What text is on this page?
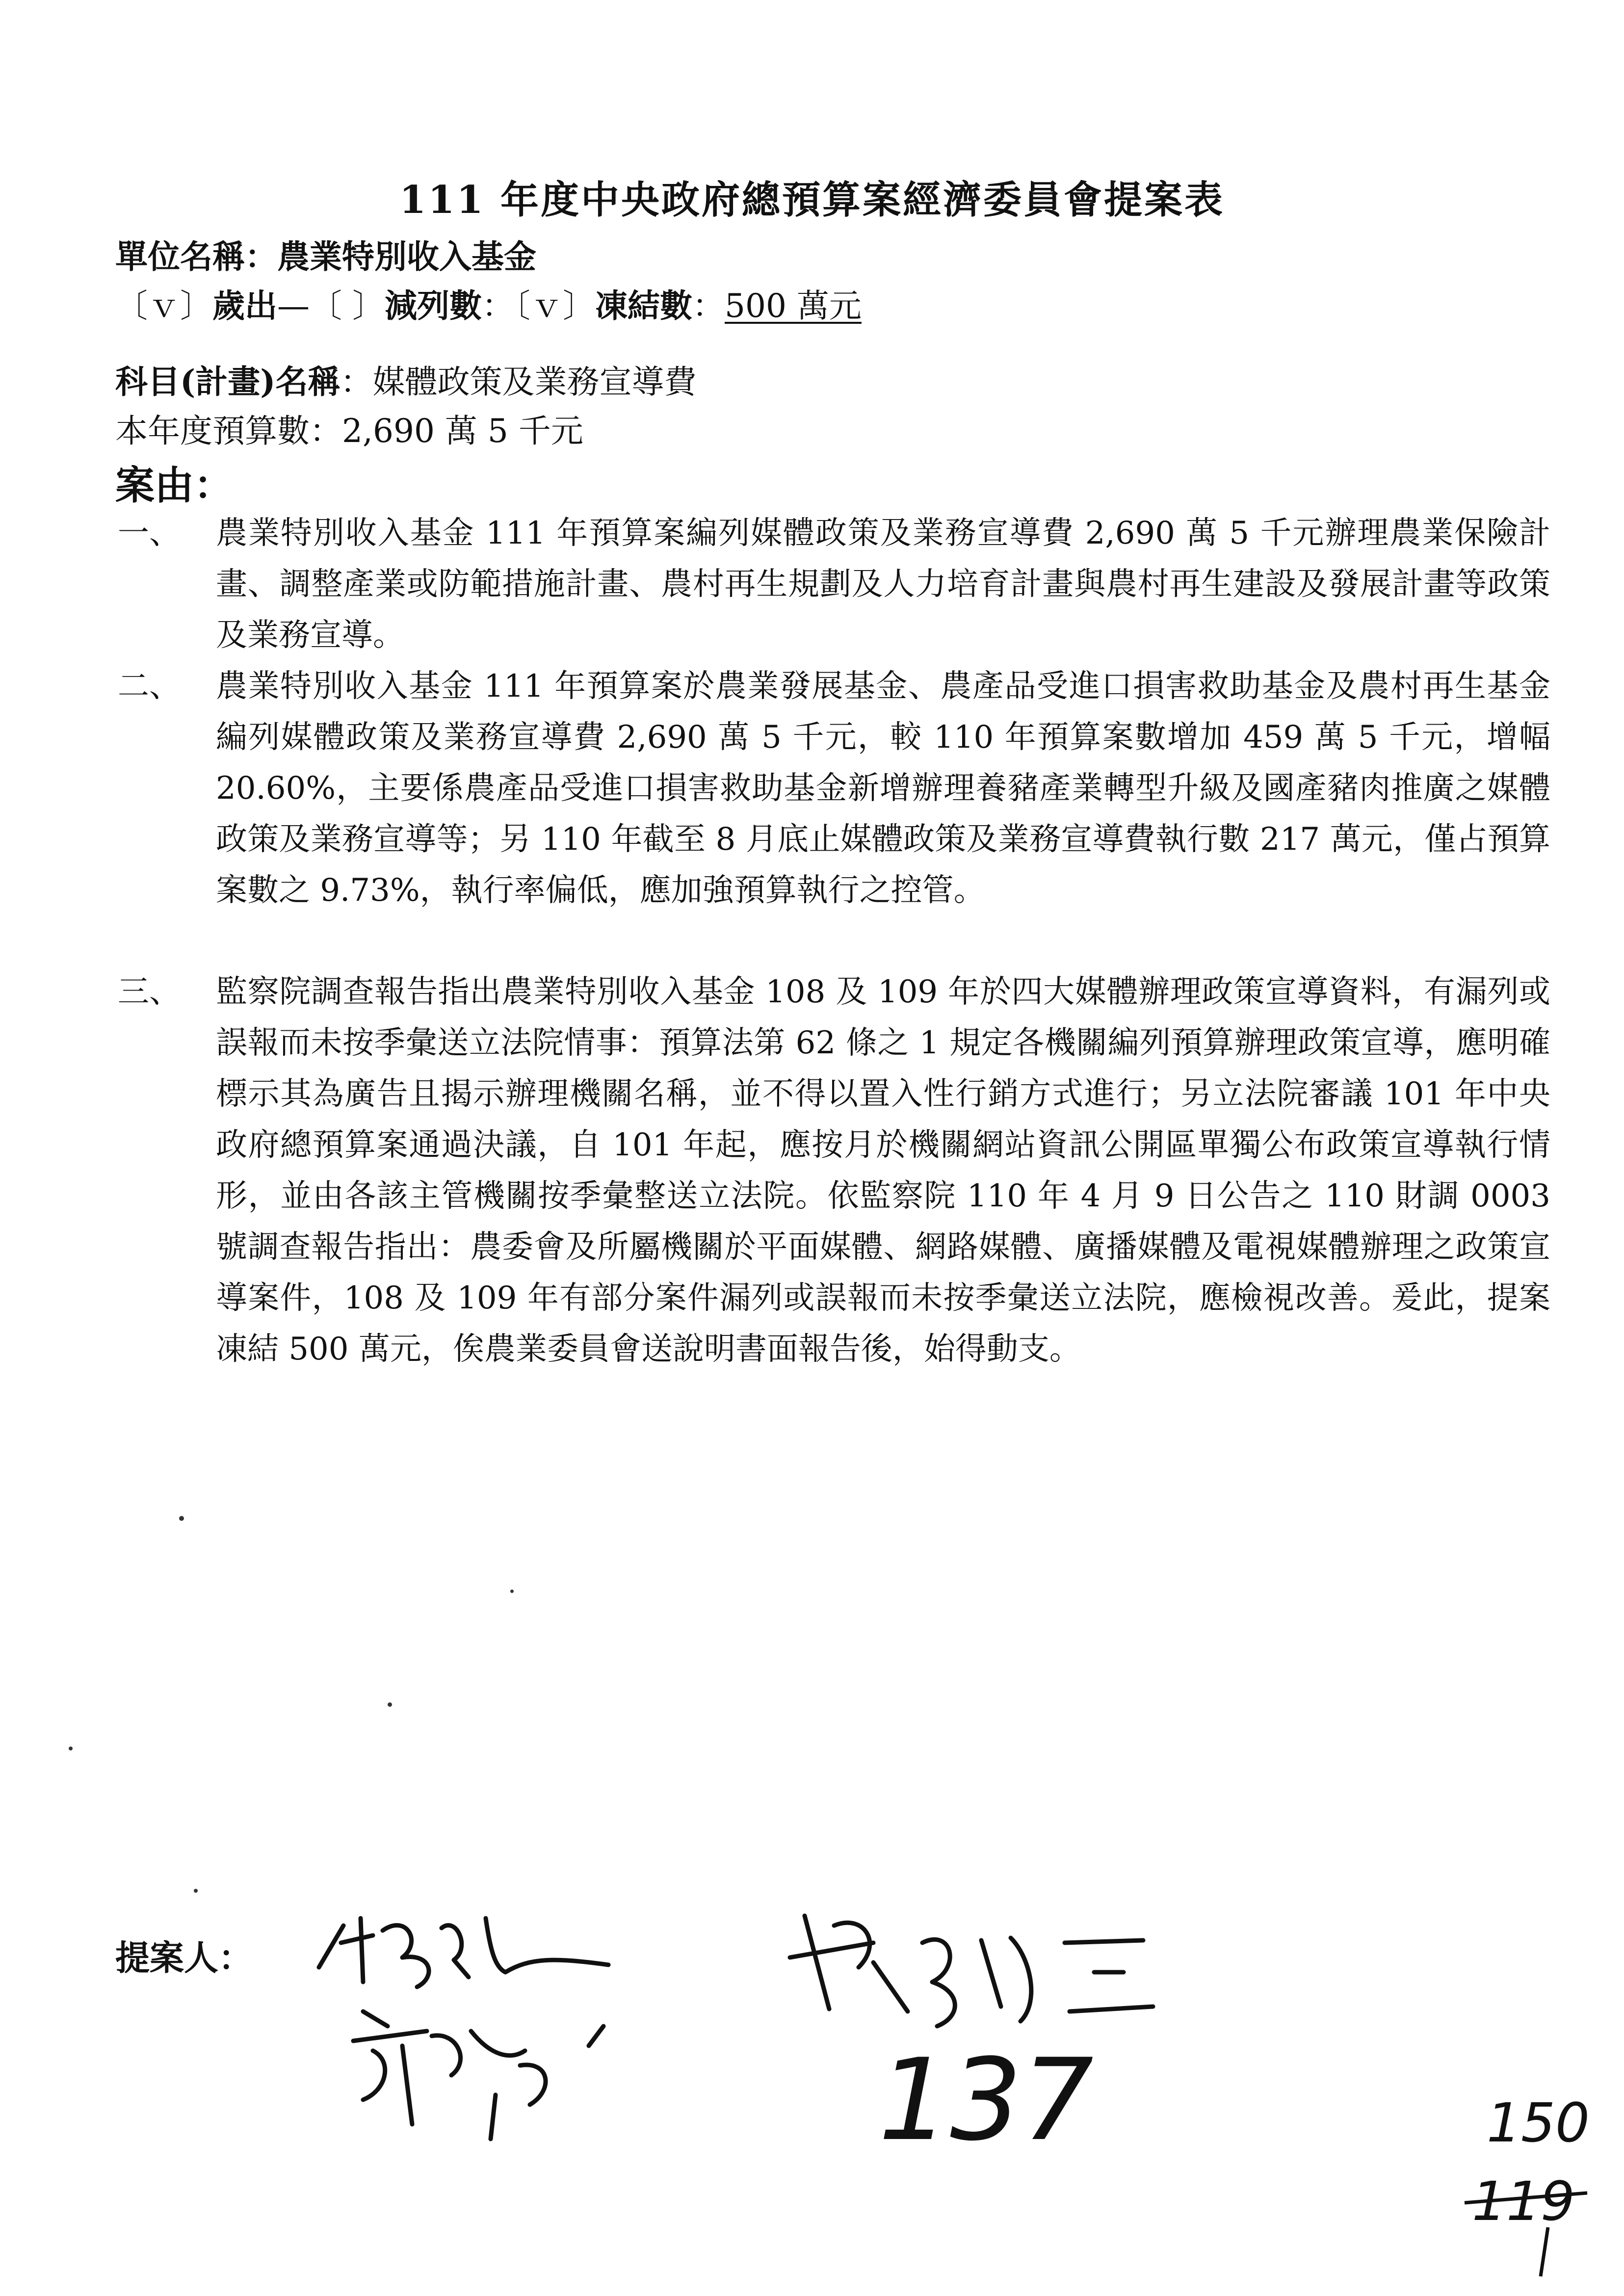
111 年度中央政府總預算案經濟委員會提案表
單位名稱：農業特別收入基金
〔ｖ〕歲出—〔 〕減列數：〔ｖ〕凍結數：500 萬元
科目(計畫)名稱：媒體政策及業務宣導費
本年度預算數：2,690 萬 5 千元
案由：
一、 農業特別收入基金 111 年預算案編列媒體政策及業務宣導費 2,690 萬 5 千元辦理農業保險計畫、調整產業或防範措施計畫、農村再生規劃及人力培育計畫與農村再生建設及發展計畫等政策及業務宣導。
二、 農業特別收入基金 111 年預算案於農業發展基金、農產品受進口損害救助基金及農村再生基金編列媒體政策及業務宣導費 2,690 萬 5 千元，較 110 年預算案數增加 459 萬 5 千元，增幅 20.60%，主要係農產品受進口損害救助基金新增辦理養豬產業轉型升級及國產豬肉推廣之媒體政策及業務宣導等；另 110 年截至 8 月底止媒體政策及業務宣導費執行數 217 萬元，僅占預算案數之 9.73%，執行率偏低，應加強預算執行之控管。
三、 監察院調查報告指出農業特別收入基金 108 及 109 年於四大媒體辦理政策宣導資料，有漏列或誤報而未按季彙送立法院情事：預算法第 62 條之 1 規定各機關編列預算辦理政策宣導，應明確標示其為廣告且揭示辦理機關名稱，並不得以置入性行銷方式進行；另立法院審議 101 年中央政府總預算案通過決議，自 101 年起，應按月於機關網站資訊公開區單獨公布政策宣導執行情形，並由各該主管機關按季彙整送立法院。依監察院 110 年 4 月 9 日公告之 110 財調 0003 號調查報告指出：農委會及所屬機關於平面媒體、網路媒體、廣播媒體及電視媒體辦理之政策宣導案件，108 及 109 年有部分案件漏列或誤報而未按季彙送立法院，應檢視改善。爰此，提案凍結 500 萬元，俟農業委員會送說明書面報告後，始得動支。
提案人：
137	150
119
